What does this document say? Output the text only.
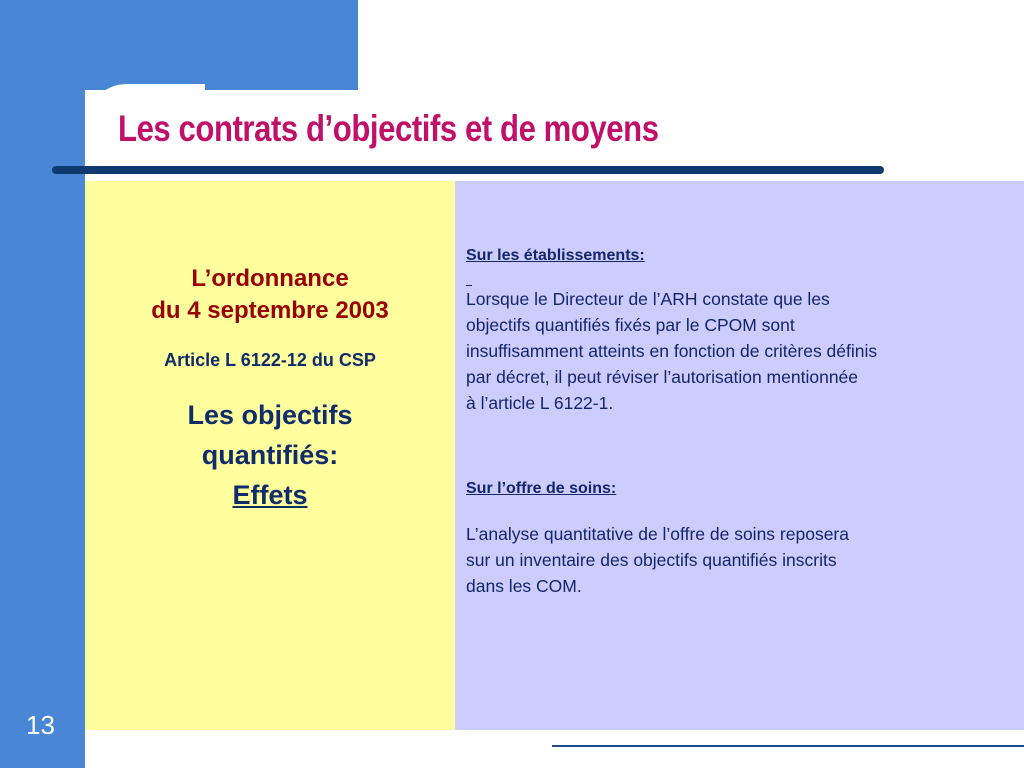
Les contrats d’objectifs et de moyens

L’ordonnance

du 4 septembre 2003

Article L 6122-12 du CSP

Les objectifs
quantifiés:
Effets

Sur les établissements:

Lorsque le Directeur de l’ARH constate que les
objectifs quantifiés fixés par le CPOM sont
insuffisamment atteints en fonction de critères définis
par décret, il peut réviser l’autorisation mentionnée
à l’article L 6122-1.

Sur l’offre de soins:

L’analyse quantitative de l’offre de soins reposera
sur un inventaire des objectifs quantifiés inscrits
dans les COM.
13
